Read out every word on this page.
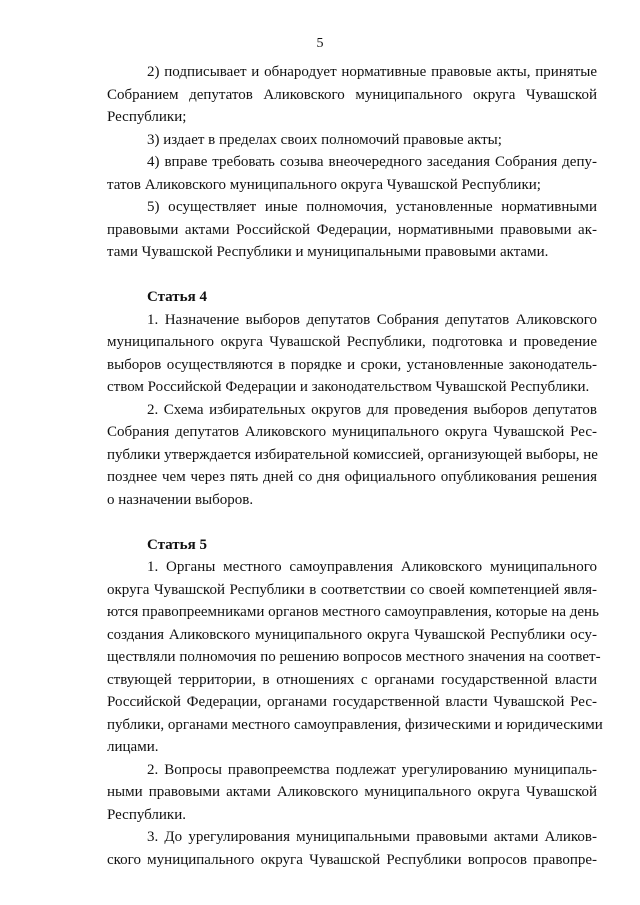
5
2) подписывает и обнародует нормативные правовые акты, принятые
Собранием депутатов Аликовского муниципального округа Чувашской
Республики;
3) издает в пределах своих полномочий правовые акты;
4) вправе требовать созыва внеочередного заседания Собрания депу-
татов Аликовского муниципального округа Чувашской Республики;
5) осуществляет иные полномочия, установленные нормативными
правовыми актами Российской Федерации, нормативными правовыми ак-
тами Чувашской Республики и муниципальными правовыми актами.
Статья 4
1. Назначение выборов депутатов Собрания депутатов Аликовского
муниципального округа Чувашской Республики, подготовка и проведение
выборов осуществляются в порядке и сроки, установленные законодатель-
ством Российской Федерации и законодательством Чувашской Республики.
2. Схема избирательных округов для проведения выборов депутатов
Собрания депутатов Аликовского муниципального округа Чувашской Рес-
публики утверждается избирательной комиссией, организующей выборы, не
позднее чем через пять дней со дня официального опубликования решения
о назначении выборов.
Статья 5
1. Органы местного самоуправления Аликовского муниципального
округа Чувашской Республики в соответствии со своей компетенцией явля-
ются правопреемниками органов местного самоуправления, которые на день
создания Аликовского муниципального округа Чувашской Республики осу-
ществляли полномочия по решению вопросов местного значения на соответ-
ствующей территории, в отношениях с органами государственной власти
Российской Федерации, органами государственной власти Чувашской Рес-
публики, органами местного самоуправления, физическими и юридическими
лицами.
2. Вопросы правопреемства подлежат урегулированию муниципаль-
ными правовыми актами Аликовского муниципального округа Чувашской
Республики.
3. До урегулирования муниципальными правовыми актами Аликов-
ского муниципального округа Чувашской Республики вопросов правопре-
